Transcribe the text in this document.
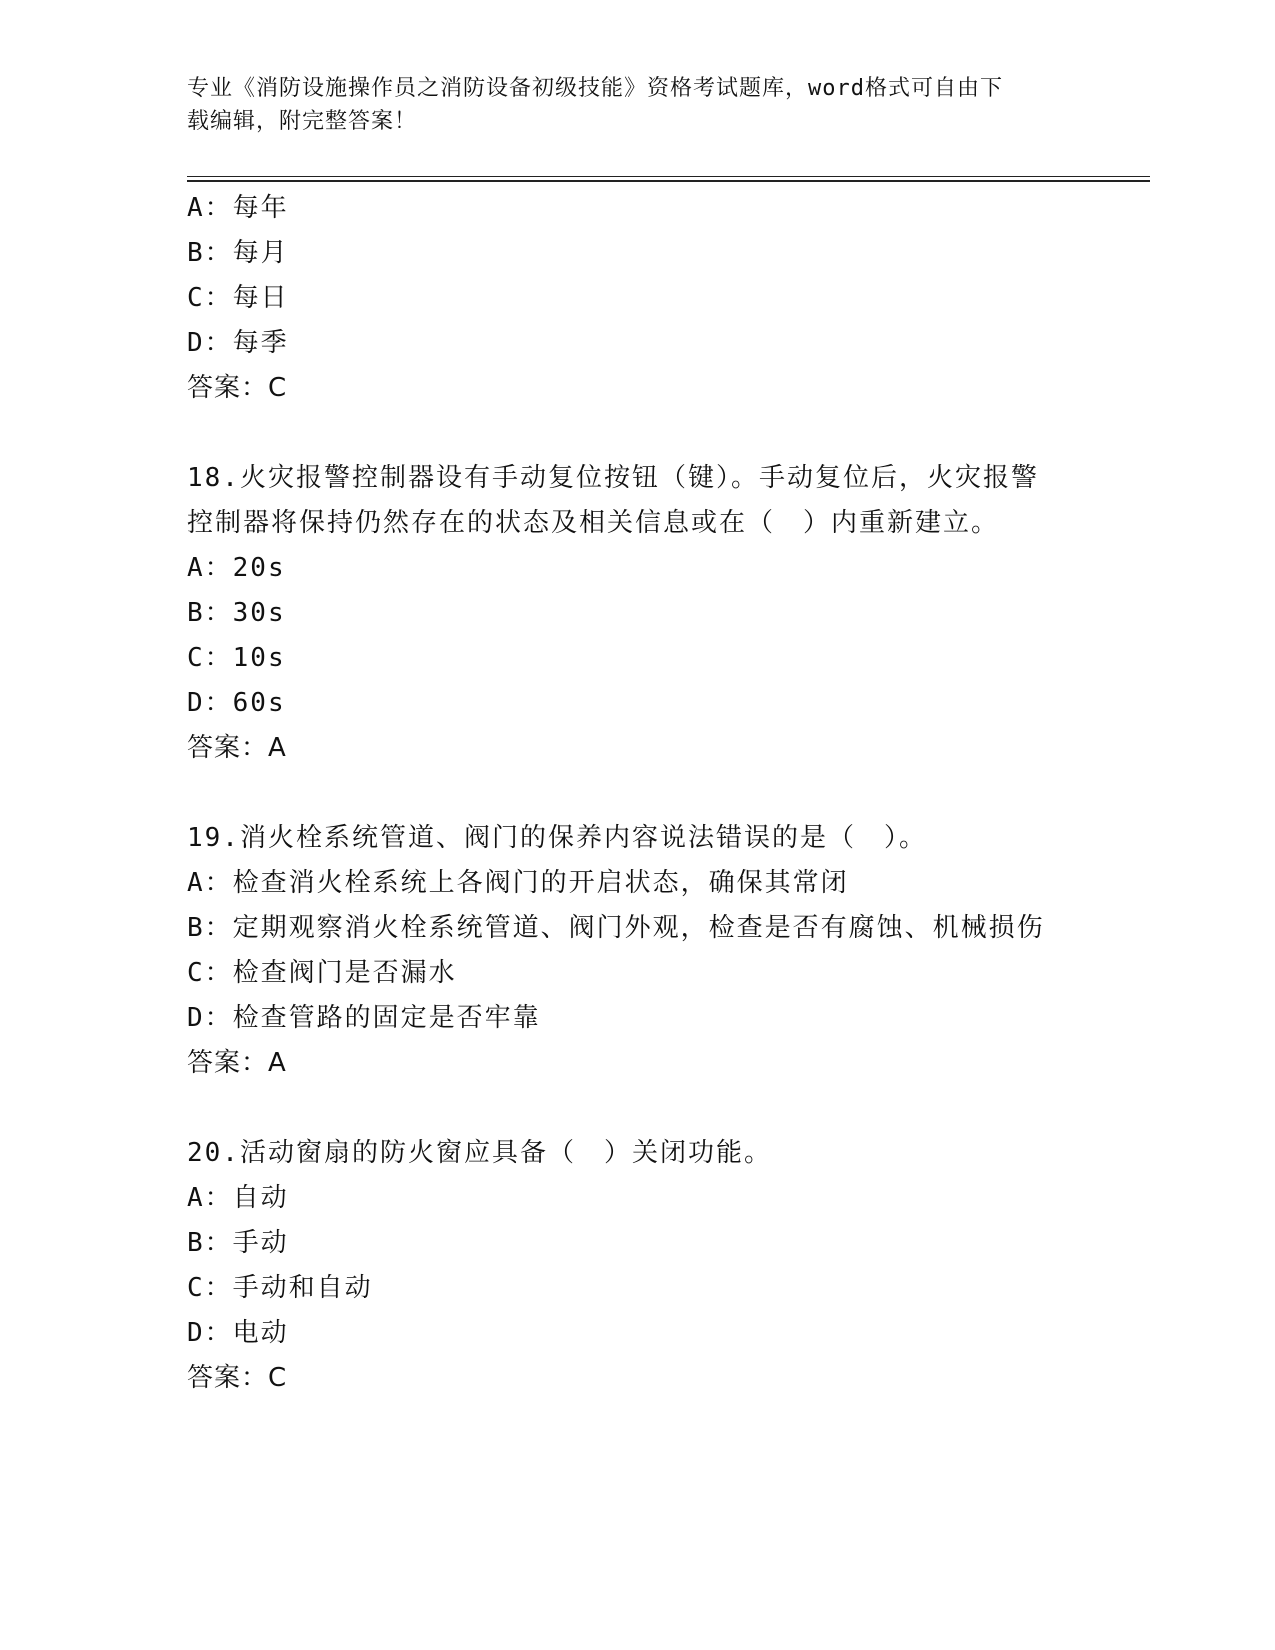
专业《消防设施操作员之消防设备初级技能》资格考试题库，word格式可自由下
载编辑，附完整答案！
A：每年
B：每月
C：每日
D：每季
答案：C
18.火灾报警控制器设有手动复位按钮（键）。手动复位后，火灾报警
控制器将保持仍然存在的状态及相关信息或在（　）内重新建立。
A：20s
B：30s
C：10s
D：60s
答案：A
19.消火栓系统管道、阀门的保养内容说法错误的是（　）。
A：检查消火栓系统上各阀门的开启状态，确保其常闭
B：定期观察消火栓系统管道、阀门外观，检查是否有腐蚀、机械损伤
C：检查阀门是否漏水
D：检查管路的固定是否牢靠
答案：A
20.活动窗扇的防火窗应具备（　）关闭功能。
A：自动
B：手动
C：手动和自动
D：电动
答案：C
